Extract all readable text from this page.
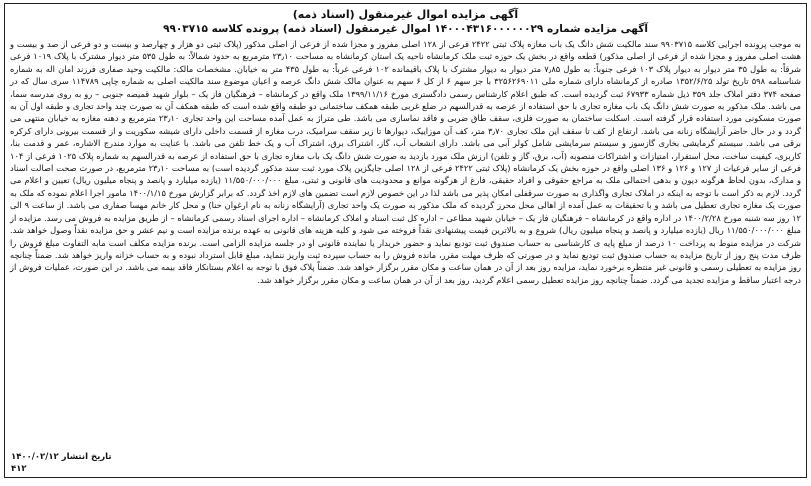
آگهی مزایده اموال غیرمنقول (اسناد ذمه)
آگهی مزایده شماره ۱۴۰۰۰۴۳۱۶۰۰۰۰۰۰۲۹ اموال غیرمنقول (اسناد ذمه) پرونده کلاسه ۹۹۰۳۷۱۵
به موجب پرونده اجرایی کلاسه ۹۹۰۳۷۱۵ سند مالکیت شش دانگ یک باب مغازه پلاک ثبتی ۲۴۲۲ فرعی از ۱۲۸ اصلی مفروز و مجزا شده از فرعی از اصلی مذکور (پلاک ثبتی دو هزار و چهارصد و بیست و دو فرعی از صد و بیست و هشت اصلی مفروز و مجزا شده از فرعی از اصلی مذکور) قطعه واقع در بخش یک حوزه ثبت ملک کرمانشاه ناحیه یک استان کرمانشاه به مساحت ۲۳٫۱۰ مترمربع به حدود شمالاً: به طول ۵۳۵ متر دیوار مشترک با پلاک ۱۰۱۹ فرعی شرقاً: به طول ۳۵ متر دیوار به دیوار پلاک ۱۰۳ فرعی جنوباً: به طول ۷٫۸۵ متر دیوار به دیوار مشترک با پلاک باقیمانده ۱۰۲ فرعی غرباً: به طول ۴۳۵ متر به خیابان. مشخصات مالک: مالکیت وحید صفاری فرزند امان اله به شماره شناسنامه ۵۹۸ تاریخ تولد ۱۳۵۲/۶/۲۵ صادره از کرمانشاه دارای شماره ملی ۳۲۵۶۲۶۹۰۱۱ با جز سهم ۶ از کل ۶ سهم به عنوان مالک شش دانگ عرصه و اعیان موضوع سند مالکیت اصلی به شماره چاپی ۱۱۴۷۸۹ سری سال که در صفحه ۳۷۴ دفتر املاک جلد ۳۵۹ ذیل شماره ۶۷۹۳۳ ثبت گردیده است. که طبق اعلام کارشناس رسمی دادگستری مورخ ۱۳۹۹/۱۱/۱۶ ملک واقع در کرمانشاه – فرهنگیان فاز یک – بلوار شهید قمیصه جنوبی – رو به روی مدرسه سما، می باشد. ملک مذکور به صورت شش دانگ یک باب مغازه تجاری با حق استفاده از عرصه به قدرالسهم در ضلع غربی طبقه همکف ساختمانی دو طبقه واقع شده است که طبقه همکف آن به صورت چند واحد تجاری و طبقه اول آن به صورت مسکونی مورد استفاده قرار گرفته است. اسکلت ساختمان به صورت فلزی، سقف طاق ضربی و فاقد نماسازی می باشد. طی متراژ به عمل آمده مساحت این واحد تجاری ۲۳٫۱۰ مترمربع و دهنه مغازه به خیابان منتهی می گردد و در حال حاضر آرایشگاه زنانه می باشد. ارتفاع از کف تا سقف این ملک تجاری ۳٫۷۰ متر، کف آن موزاییک، دیوارها تا زیر سقف سرامیک، درب مغازه از قسمت داخلی دارای شیشه سکوریت و از قسمت بیرونی دارای کرکره برقی می باشد. سیستم گرمایشی بخاری گازسوز و سیستم سرمایشی شامل کولر آبی می باشد. دارای انشعاب آب، گاز، اشتراک برق، اشتراک آب و یک خط تلفن می باشد. با عنایت به موارد مندرج الاشاره، عمر و قدمت بنا، کاربری، کیفیت ساخت، محل استقرار، امتیازات و اشتراکات منصوبه (آب، برق، گاز و تلفن) ارزش ملک مورد بازدید به صورت شش دانگ یک باب مغازه تجاری با حق استفاده از عرصه به قدرالسهم به شماره پلاک ۱۰۲۵ فرعی از ۱۰۴ فرعی از سایر فرعیات از ۱۲۷ و ۱۲۶ و ۱۳۶ اصلی واقع در حوزه بخش یک کرمانشاه (پلاک ثبتی ۲۴۲۲ فرعی از ۱۲۸ اصلی جایگزین پلاک مورد ثبت سند مذکور گردیده است) به مساحت ۲۳٫۱۰ مترمربع، در صورت صحت اصالت اسناد و مدارک، بدون لحاظ هرگونه دیون و بدهی احتمالی ملک به مراجع حقوقی و افراد حقیقی، فارغ از هرگونه موانع و محدودیت های قانونی و ثبتی، مبلغ ۱۱/۵۵۰/۰۰۰/۰۰۰ (یازده میلیارد و پانصد و پنجاه میلیون ریال) تعیین و اعلام می گردد. لازم به ذکر است با توجه به اینکه در املاک تجاری واگذاری به صورت سرقفلی امکان پذیر می باشد لذا در این خصوص لازم است تضمین های لازم اخذ گردد. که برابر گزارش مورخ ۱۴۰۰/۱/۱۵ مامور اجرا اعلام نموده که ملک به صورت یک مغازه تجاری تعطیل می باشد و با تحقیقات به عمل آمده از اهالی محل محرز گردیده که ملک مذکور به صورت یک واحد تجاری (آرایشگاه زنانه به نام ارغوان حنا) و محل کار خانم مهسا صفاری می باشد. از ساعت ۹ الی ۱۲ روز سه شنبه مورخ ۱۴۰۰/۲/۲۸ در اداره واقع در کرمانشاه – فرهنگیان فاز یک – خیابان شهید مطاعی – اداره کل ثبت اسناد و املاک کرمانشاه – اداره اجرای اسناد رسمی کرمانشاه – از طریق مزایده به فروش می رسد. مزایده از مبلغ ۱۱/۵۵۰/۰۰۰/۰۰۰ ریال (یازده میلیارد و پانصد و پنجاه میلیون ریال) شروع و به بالاترین قیمت پیشنهادی نقداً فروخته می شود و کلیه هزینه های قانونی به عهده برنده مزایده است و نیم عشر و حق مزایده نقداً وصول خواهد شد. شرکت در مزایده منوط به پرداخت ۱۰ درصد از مبلغ پایه ی کارشناسی به حساب صندوق ثبت تودیع نماید و حضور خریدار یا نماینده قانونی او در جلسه مزایده الزامی است. برنده مزایده مکلف است مابه التفاوت مبلغ فروش را ظرف مدت پنج روز از تاریخ مزایده به حساب صندوق ثبت تودیع نماید و در صورتی که ظرف مهلت مقرر، مانده فروش را به حساب سپرده ثبت واریز ننماید، مبلغ قابل استرداد نبوده و به حساب خزانه واریز خواهد شد. ضمناً چنانچه روز مزایده به تعطیلی رسمی و قانونی غیر منتظره برخورد نماید، مزایده روز بعد از آن در همان ساعت و مکان مقرر برگزار خواهد شد. ضمناً پلاک فوق با توجه به اعلام بستانکار فاقد بیمه می باشد. در این صورت، عملیات فروش از درجه اعتبار ساقط و مزایده تجدید می گردد. ضمناً چنانچه روز مزایده تعطیل رسمی اعلام گردید، روز بعد از آن در همان ساعت و مکان مقرر برگزار خواهد شد.
تاریخ انتشار ۱۴۰۰/۰۲/۱۲
۴۱۲
